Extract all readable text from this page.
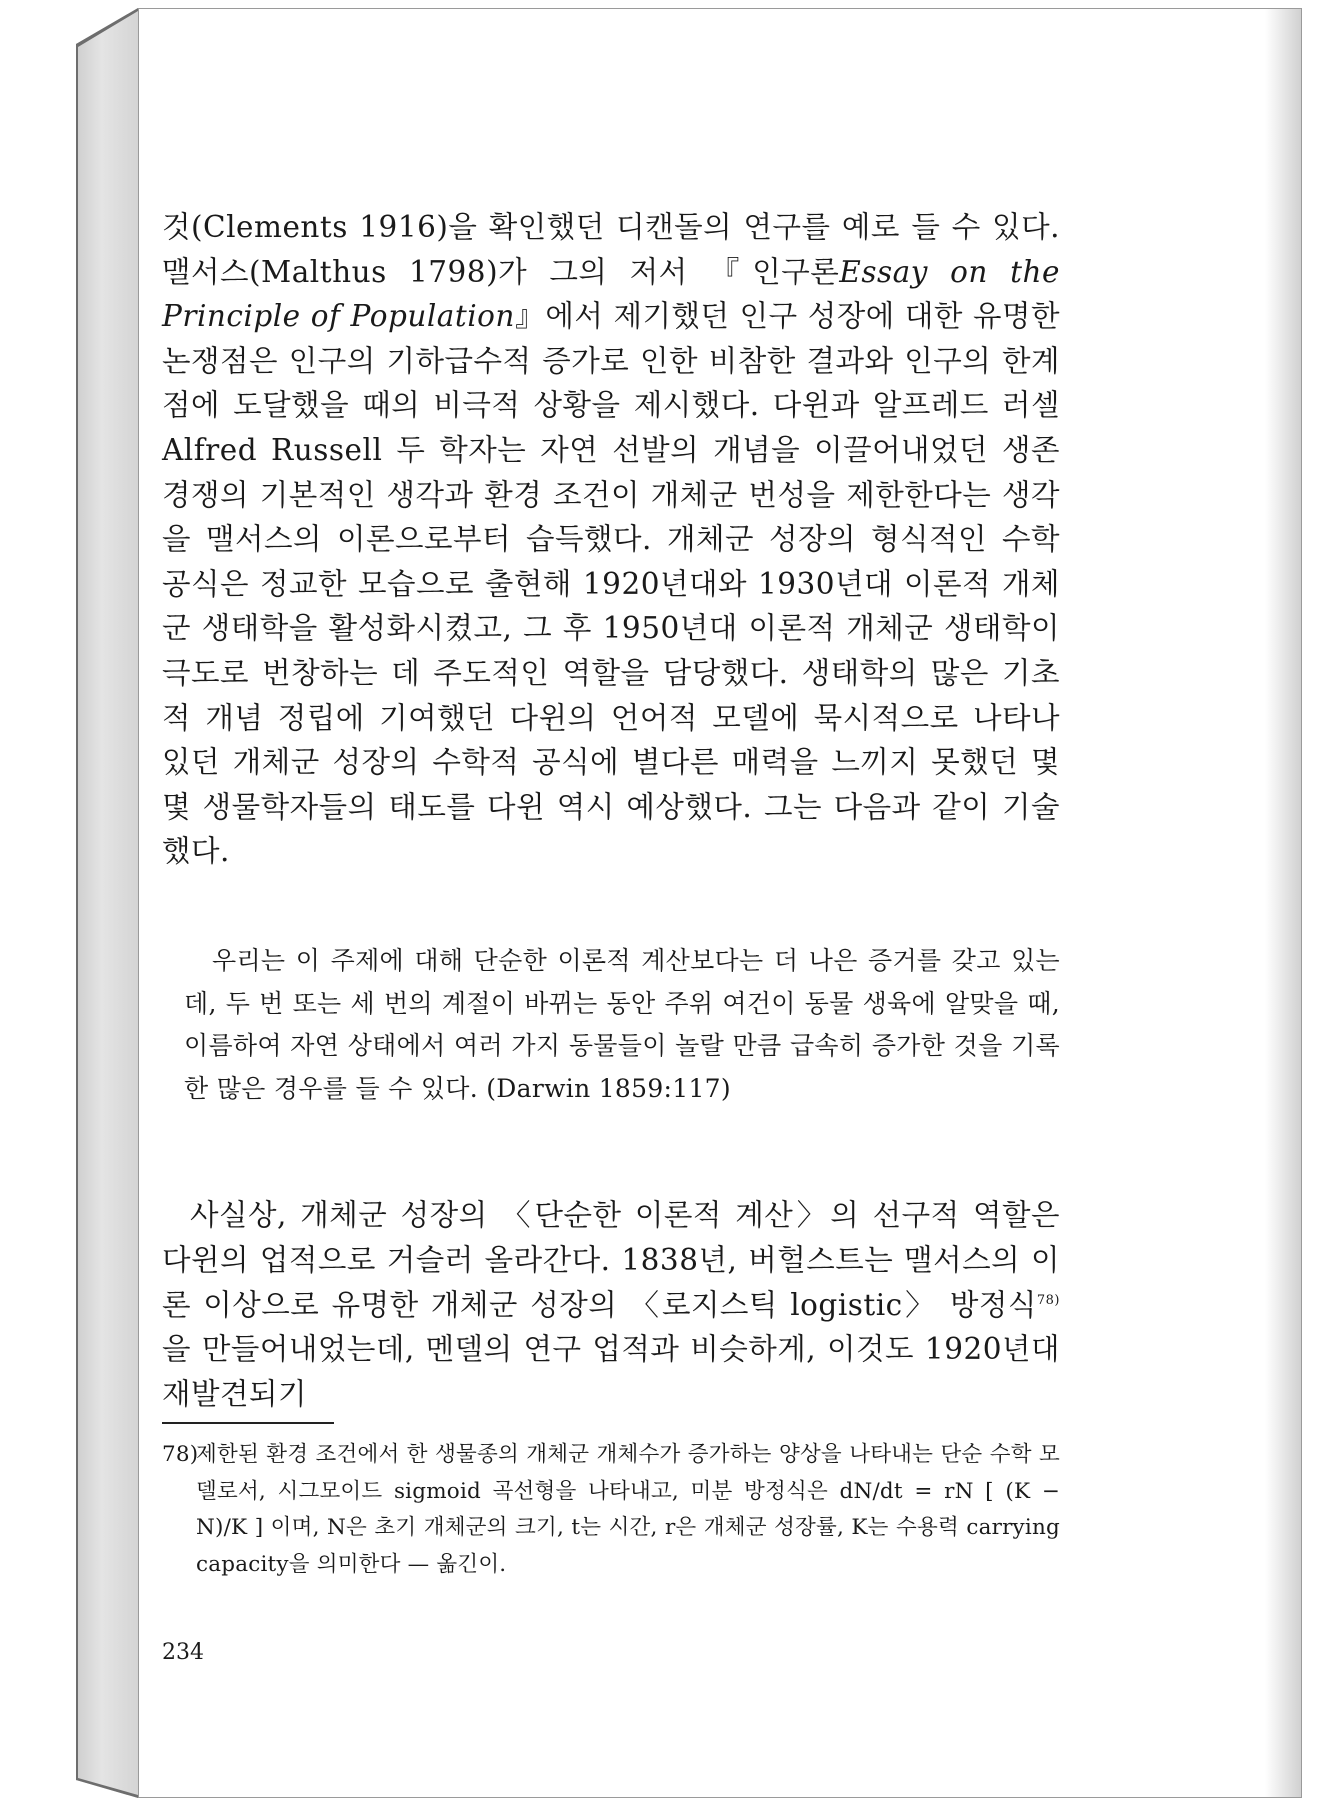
것(Clements 1916)을 확인했던 디캔돌의 연구를 예로 들 수 있다. 맬서스(Malthus 1798)가 그의 저서 『인구론Essay on the Principle of Population』에서 제기했던 인구 성장에 대한 유명한 논쟁점은 인구의 기하급수적 증가로 인한 비참한 결과와 인구의 한계점에 도달했을 때의 비극적 상황을 제시했다. 다윈과 알프레드 러셀 Alfred Russell 두 학자는 자연 선발의 개념을 이끌어내었던 생존 경쟁의 기본적인 생각과 환경 조건이 개체군 번성을 제한한다는 생각을 맬서스의 이론으로부터 습득했다. 개체군 성장의 형식적인 수학 공식은 정교한 모습으로 출현해 1920년대와 1930년대 이론적 개체군 생태학을 활성화시켰고, 그 후 1950년대 이론적 개체군 생태학이 극도로 번창하는 데 주도적인 역할을 담당했다. 생태학의 많은 기초적 개념 정립에 기여했던 다윈의 언어적 모델에 묵시적으로 나타나 있던 개체군 성장의 수학적 공식에 별다른 매력을 느끼지 못했던 몇몇 생물학자들의 태도를 다윈 역시 예상했다. 그는 다음과 같이 기술했다.

우리는 이 주제에 대해 단순한 이론적 계산보다는 더 나은 증거를 갖고 있는데, 두 번 또는 세 번의 계절이 바뀌는 동안 주위 여건이 동물 생육에 알맞을 때, 이름하여 자연 상태에서 여러 가지 동물들이 놀랄 만큼 급속히 증가한 것을 기록한 많은 경우를 들 수 있다. (Darwin 1859:117)

사실상, 개체군 성장의 〈단순한 이론적 계산〉의 선구적 역할은 다윈의 업적으로 거슬러 올라간다. 1838년, 버헐스트는 맬서스의 이론 이상으로 유명한 개체군 성장의 〈로지스틱 logistic〉 방정식$^{78)}$을 만들어내었는데, 멘델의 연구 업적과 비슷하게, 이것도 1920년대 재발견되기

78)제한된 환경 조건에서 한 생물종의 개체군 개체수가 증가하는 양상을 나타내는 단순 수학 모델로서, 시그모이드 sigmoid 곡선형을 나타내고, 미분 방정식은 dN/dt = rN [ (K − N)/K ] 이며, N은 초기 개체군의 크기, t는 시간, r은 개체군 성장률, K는 수용력 carrying capacity을 의미한다 — 옮긴이.
234
